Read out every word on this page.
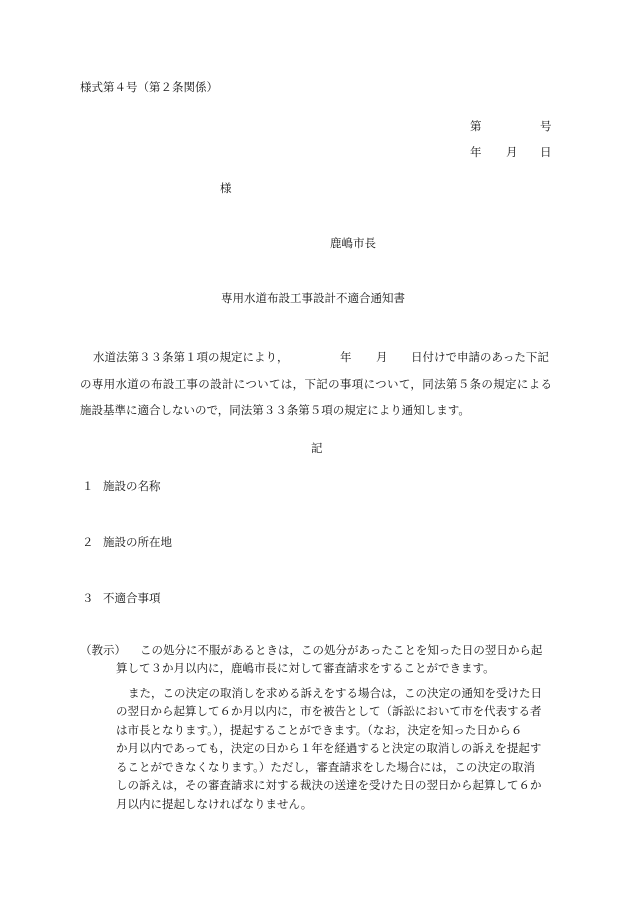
様式第４号（第２条関係）
第	号
年 月 日
様
鹿嶋市長
専用水道布設工事設計不適合通知書
水道法第３３条第１項の規定により，	年 月 日付けで申請のあった下記
の専用水道の布設工事の設計については，下記の事項について，同法第５条の規定による
施設基準に適合しないので，同法第３３条第５項の規定により通知します。
記
１ 施設の名称
２ 施設の所在地
３ 不適合事項
（教示） この処分に不服があるときは，この処分があったことを知った日の翌日から起
算して３か月以内に，鹿嶋市長に対して審査請求をすることができます。
また，この決定の取消しを求める訴えをする場合は，この決定の通知を受けた日
の翌日から起算して６か月以内に，市を被告として（訴訟において市を代表する者
は市長となります。），提起することができます。（なお，決定を知った日から６
か月以内であっても，決定の日から１年を経過すると決定の取消しの訴えを提起す
ることができなくなります。）ただし，審査請求をした場合には，この決定の取消
しの訴えは，その審査請求に対する裁決の送達を受けた日の翌日から起算して６か
月以内に提起しなければなりません。
